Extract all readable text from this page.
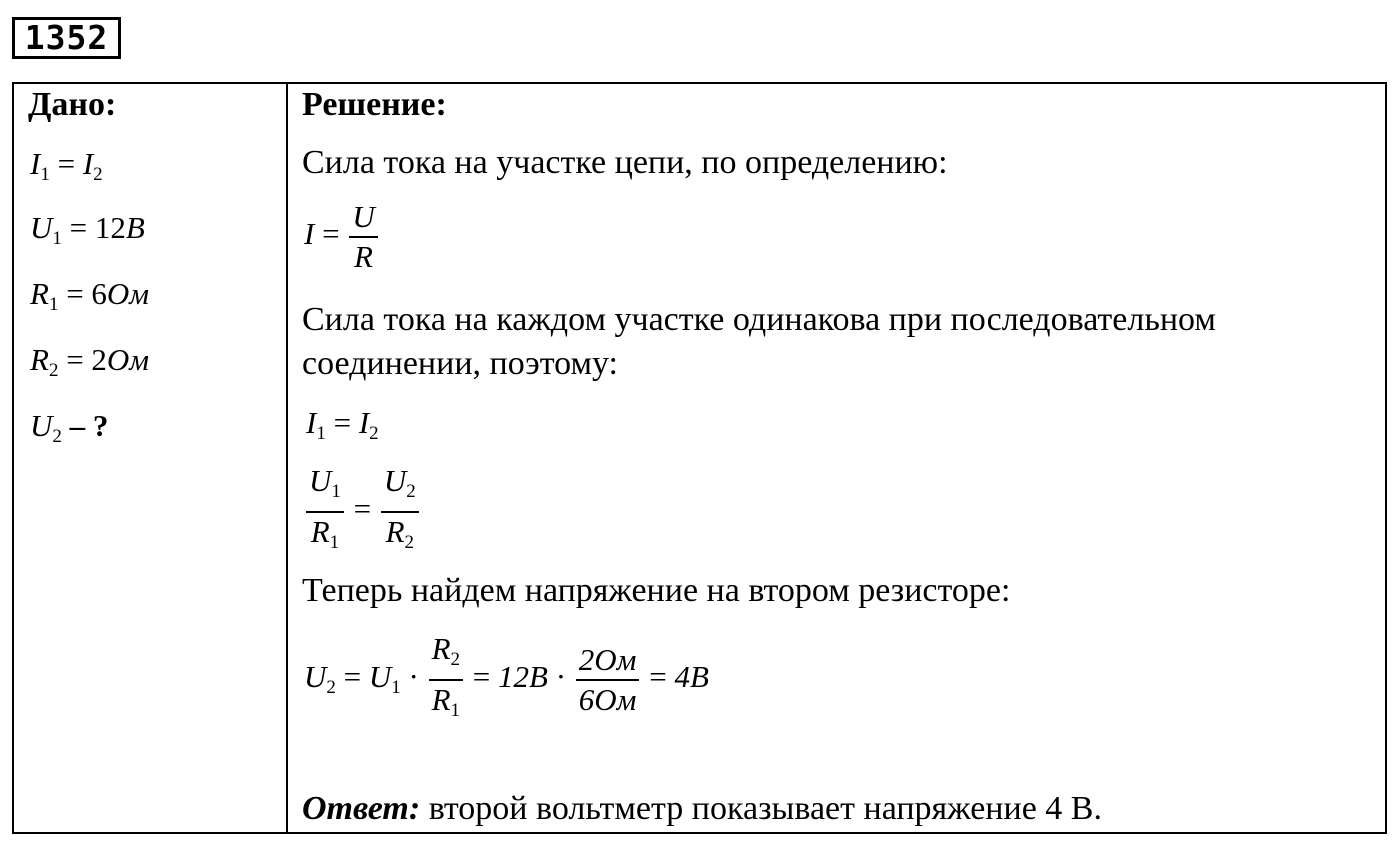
1352
Дано:
$I_1 = I_2$
$U_1 = 12B$
$R_1 = 6Ом$
$R_2 = 2Ом$
$U_2$ – ?
Решение:
Сила тока на участке цепи, по определению:
$I = \frac{U}{R}$
Сила тока на каждом участке одинакова при последовательном
соединении, поэтому:
$I_1 = I_2$
$\frac{U_1}{R_1} = \frac{U_2}{R_2}$
Теперь найдем напряжение на втором резисторе:
$U_2 = U_1 \cdot \frac{R_2}{R_1} = 12B \cdot \frac{2Ом}{6Ом} = 4B$
Ответ: второй вольтметр показывает напряжение 4 В.
